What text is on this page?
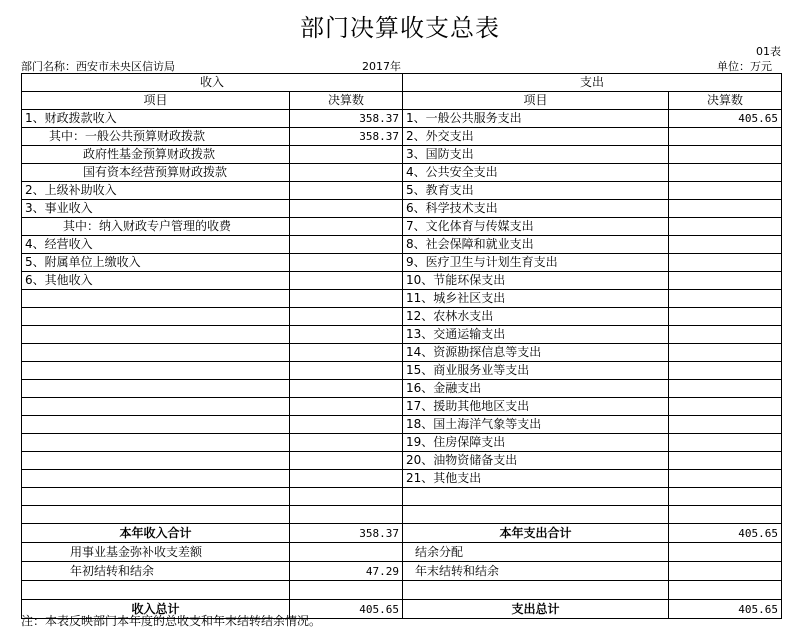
部门决算收支总表
01表
部门名称：西安市未央区信访局	2017年	单位：万元
收入		支出	
项目	决算数	项目	决算数
1、财政拨款收入	358.37	1、一般公共服务支出	405.65
其中：一般公共预算财政拨款	358.37	2、外交支出	
政府性基金预算财政拨款		3、国防支出	
国有资本经营预算财政拨款		4、公共安全支出	
2、上级补助收入		5、教育支出	
3、事业收入		6、科学技术支出	
其中：纳入财政专户管理的收费		7、文化体育与传媒支出	
4、经营收入		8、社会保障和就业支出	
5、附属单位上缴收入		9、医疗卫生与计划生育支出	
6、其他收入		10、节能环保支出	
		11、城乡社区支出	
		12、农林水支出	
		13、交通运输支出	
		14、资源勘探信息等支出	
		15、商业服务业等支出	
		16、金融支出	
		17、援助其他地区支出	
		18、国土海洋气象等支出	
		19、住房保障支出	
		20、油物资储备支出	
		21、其他支出	

本年收入合计	358.37	本年支出合计	405.65
用事业基金弥补收支差额		结余分配	
年初结转和结余	47.29	年末结转和结余	

收入总计	405.65	支出总计	405.65
注：本表反映部门本年度的总收支和年末结转结余情况。
